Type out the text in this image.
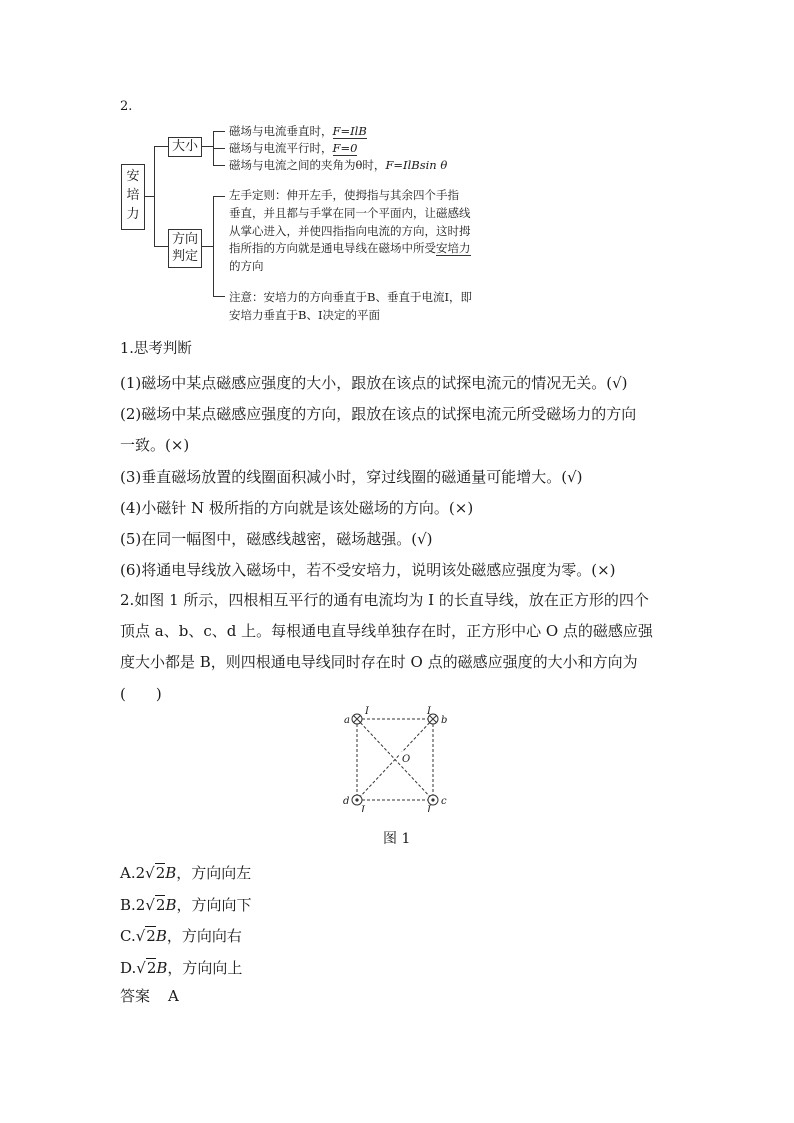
2.
安培力
大小
磁场与电流垂直时，F=IlB
磁场与电流平行时，F=0
磁场与电流之间的夹角为θ时，F=IlBsin θ
方向判定
左手定则：伸开左手，使拇指与其余四个手指
垂直，并且都与手掌在同一个平面内，让磁感线
从掌心进入，并使四指指向电流的方向，这时拇
指所指的方向就是通电导线在磁场中所受安培力
的方向
注意：安培力的方向垂直于B、垂直于电流I，即
安培力垂直于B、I决定的平面
1.思考判断
(1)磁场中某点磁感应强度的大小，跟放在该点的试探电流元的情况无关。(√)
(2)磁场中某点磁感应强度的方向，跟放在该点的试探电流元所受磁场力的方向
一致。(×)
(3)垂直磁场放置的线圈面积减小时，穿过线圈的磁通量可能增大。(√)
(4)小磁针 N 极所指的方向就是该处磁场的方向。(×)
(5)在同一幅图中，磁感线越密，磁场越强。(√)
(6)将通电导线放入磁场中，若不受安培力，说明该处磁感应强度为零。(×)
2.如图 1 所示，四根相互平行的通有电流均为 I 的长直导线，放在正方形的四个
顶点 a、b、c、d 上。每根通电直导线单独存在时，正方形中心 O 点的磁感应强
度大小都是 B，则四根通电导线同时存在时 O 点的磁感应强度的大小和方向为
(　　)
a	b
c
d
O
I	I
I	I
图 1
A.2√2B，方向向左
B.2√2B，方向向下
C.√2B，方向向右
D.√2B，方向向上
答案 A
